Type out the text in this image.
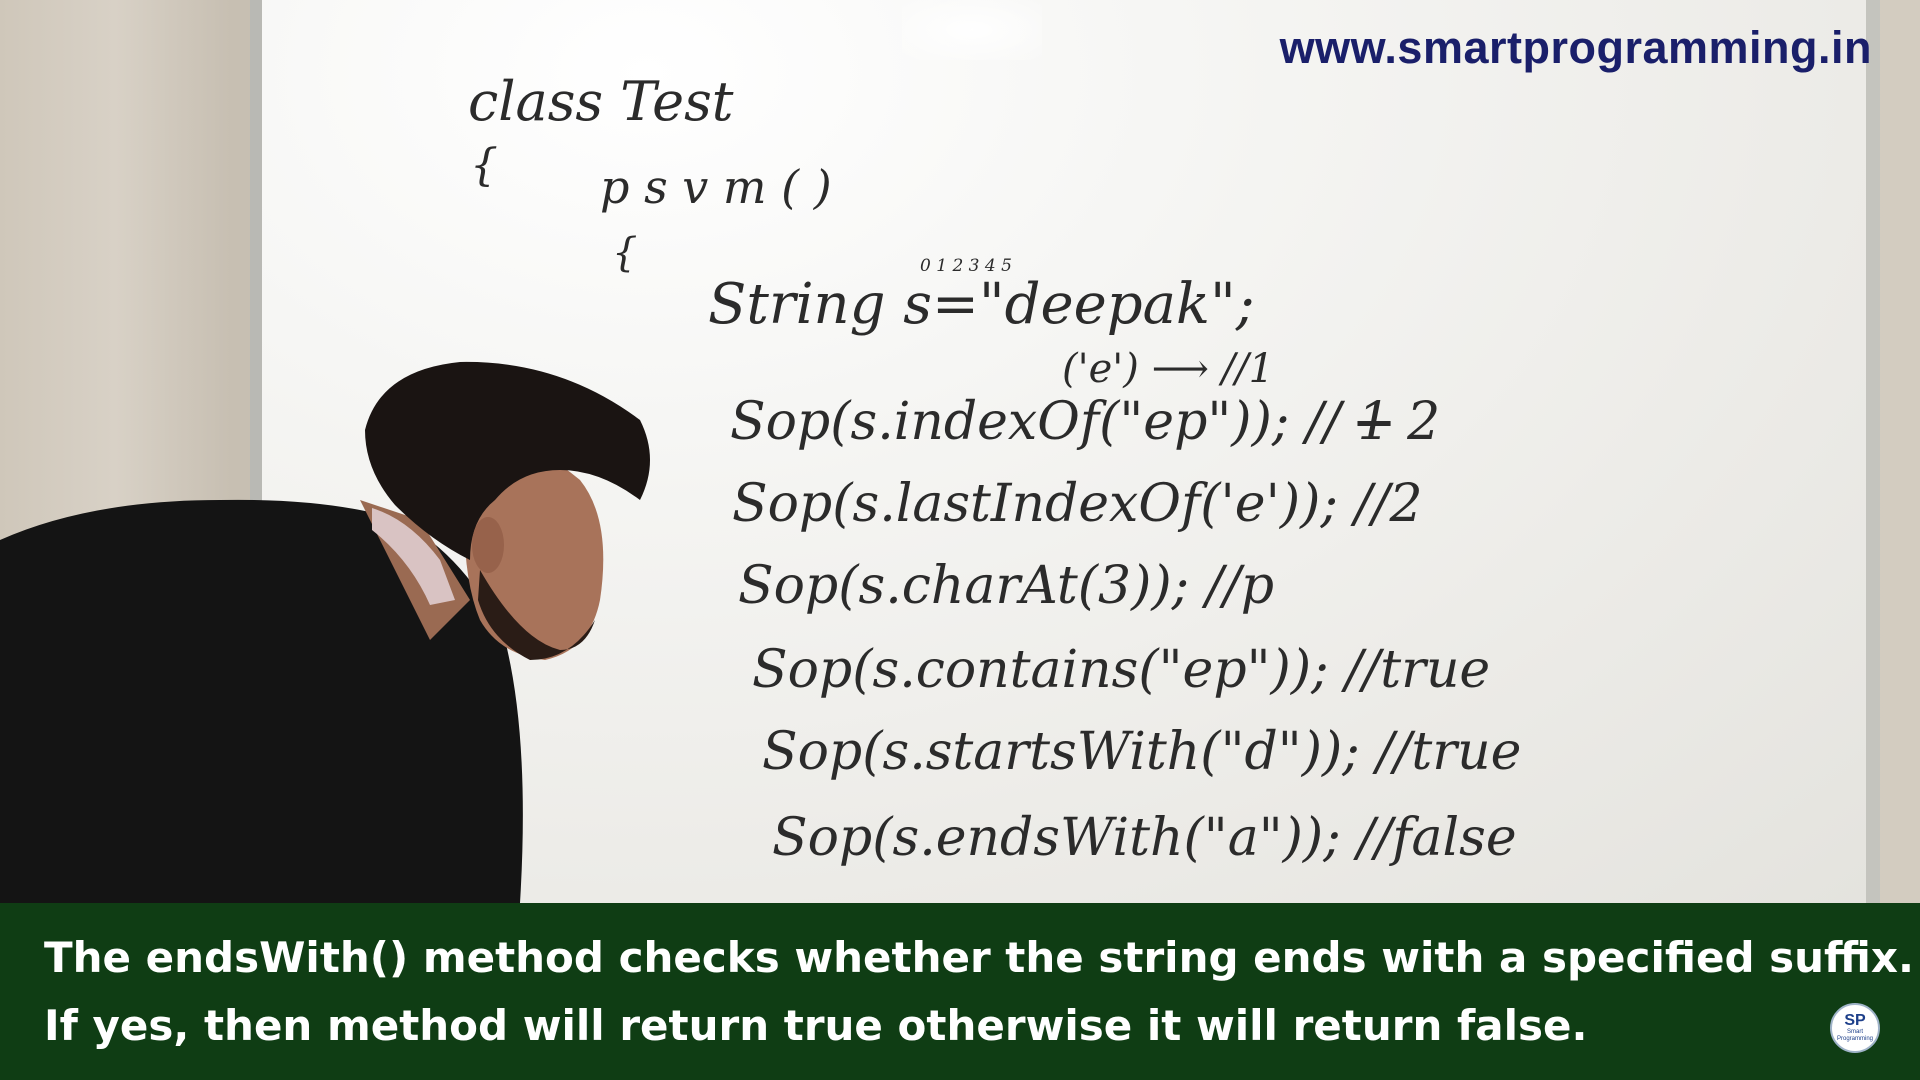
www.smartprogramming.in
class Test
{ p s v m ( )
{	0 1 2 3 4 5
String s="deepak";
('e') ⟶ //1
Sop(s.indexOf("ep")); // 1 2
Sop(s.lastIndexOf('e')); //2
Sop(s.charAt(3)); //p
Sop(s.contains("ep")); //true
Sop(s.startsWith("d")); //true
Sop(s.endsWith("a")); //false
The endsWith() method checks whether the string ends with a specified suffix.
If yes, then method will return true otherwise it will return false.	SP
Smart Programming
